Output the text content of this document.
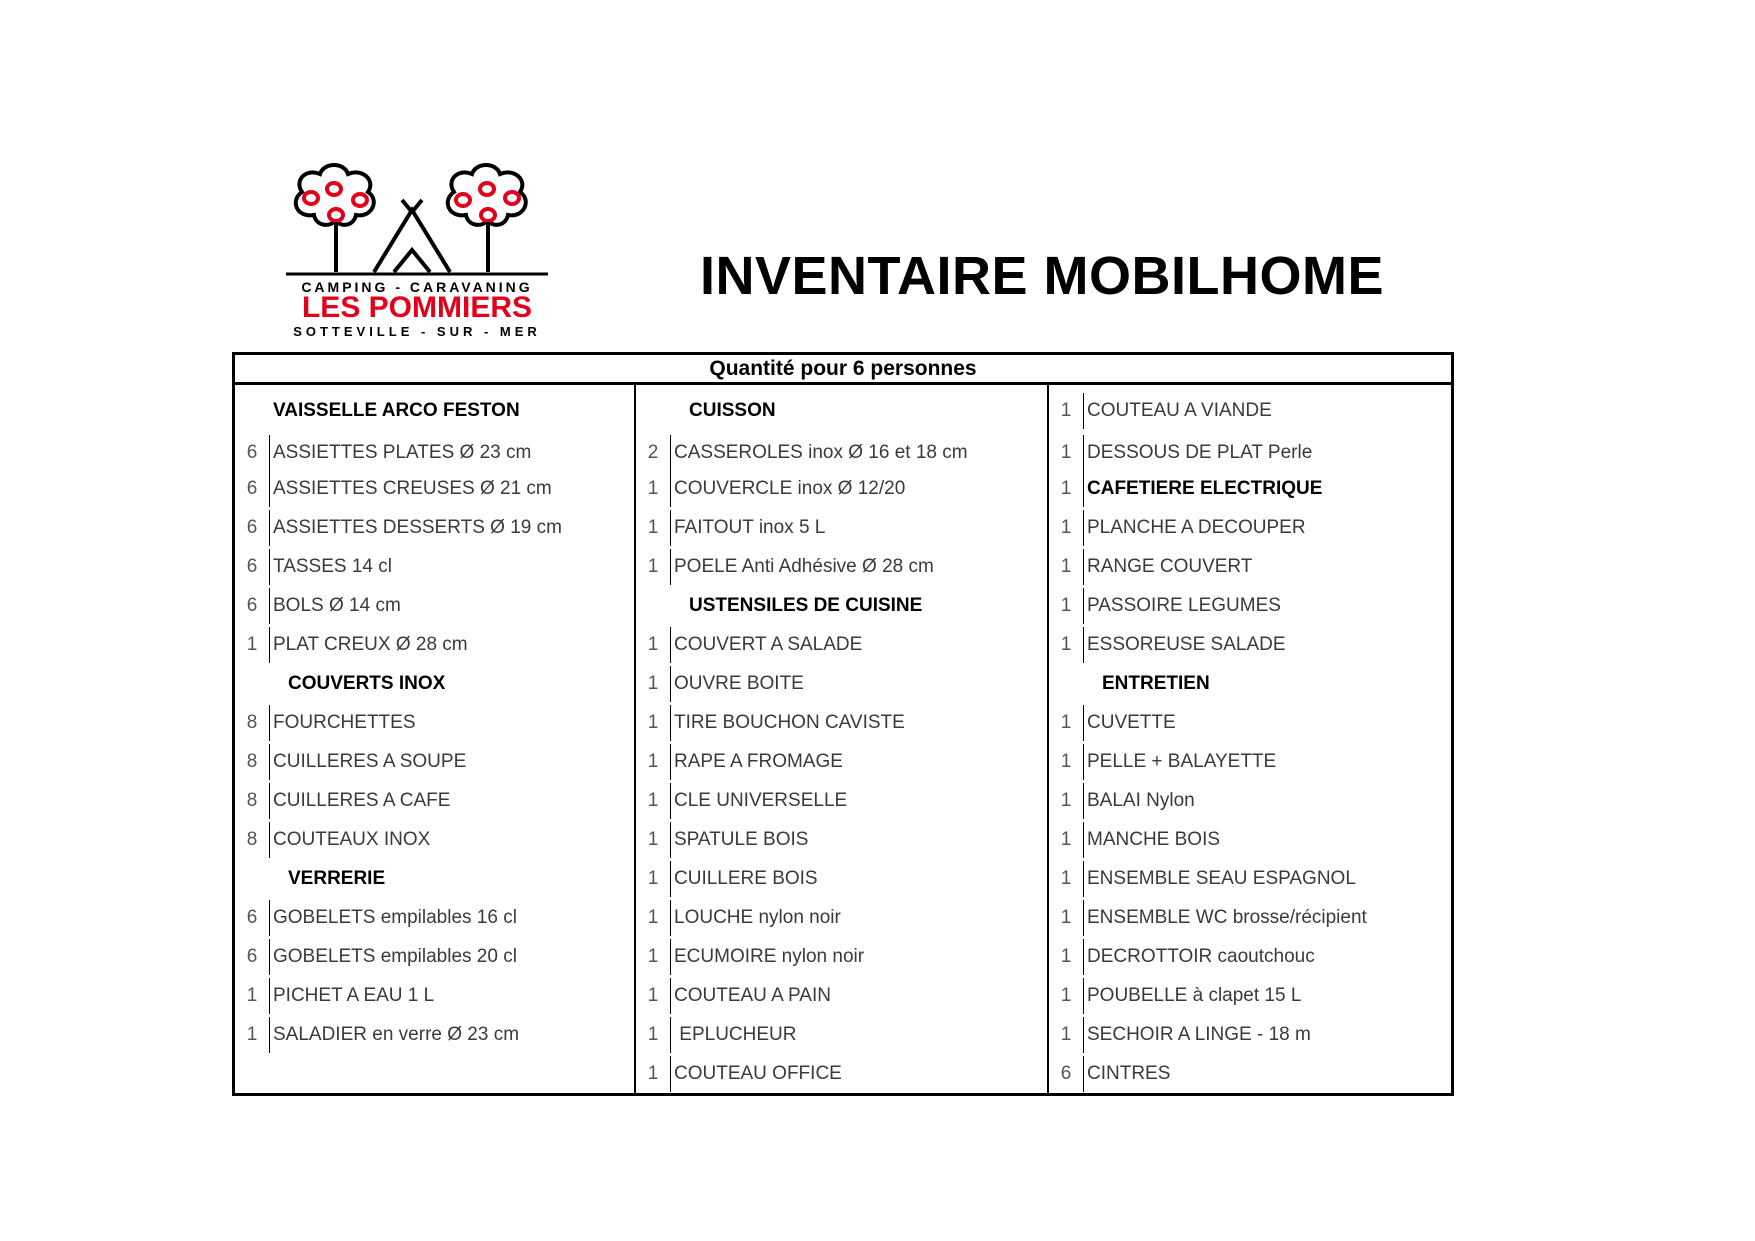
CAMPING - CARAVANING
LES POMMIERS
SOTTEVILLE - SUR - MER
INVENTAIRE MOBILHOME
Quantité pour 6 personnes
VAISSELLE ARCO FESTON
6 ASSIETTES PLATES Ø 23 cm
6 ASSIETTES CREUSES Ø 21 cm
6 ASSIETTES DESSERTS Ø 19 cm
6 TASSES 14 cl
6 BOLS Ø 14 cm
1 PLAT CREUX Ø 28 cm
COUVERTS INOX
8 FOURCHETTES
8 CUILLERES A SOUPE
8 CUILLERES A CAFE
8 COUTEAUX INOX
VERRERIE
6 GOBELETS empilables 16 cl
6 GOBELETS empilables 20 cl
1 PICHET A EAU 1 L
1 SALADIER en verre Ø 23 cm
CUISSON
2 CASSEROLES inox Ø 16 et 18 cm
1 COUVERCLE inox Ø 12/20
1 FAITOUT inox 5 L
1 POELE Anti Adhésive Ø 28 cm
USTENSILES DE CUISINE
1 COUVERT A SALADE
1 OUVRE BOITE
1 TIRE BOUCHON CAVISTE
1 RAPE A FROMAGE
1 CLE UNIVERSELLE
1 SPATULE BOIS
1 CUILLERE BOIS
1 LOUCHE nylon noir
1 ECUMOIRE nylon noir
1 COUTEAU A PAIN
1 EPLUCHEUR
1 COUTEAU OFFICE
1 COUTEAU A VIANDE
1 DESSOUS DE PLAT Perle
1 CAFETIERE ELECTRIQUE
1 PLANCHE A DECOUPER
1 RANGE COUVERT
1 PASSOIRE LEGUMES
1 ESSOREUSE SALADE
ENTRETIEN
1 CUVETTE
1 PELLE + BALAYETTE
1 BALAI Nylon
1 MANCHE BOIS
1 ENSEMBLE SEAU ESPAGNOL
1 ENSEMBLE WC brosse/récipient
1 DECROTTOIR caoutchouc
1 POUBELLE à clapet 15 L
1 SECHOIR A LINGE - 18 m
6 CINTRES
